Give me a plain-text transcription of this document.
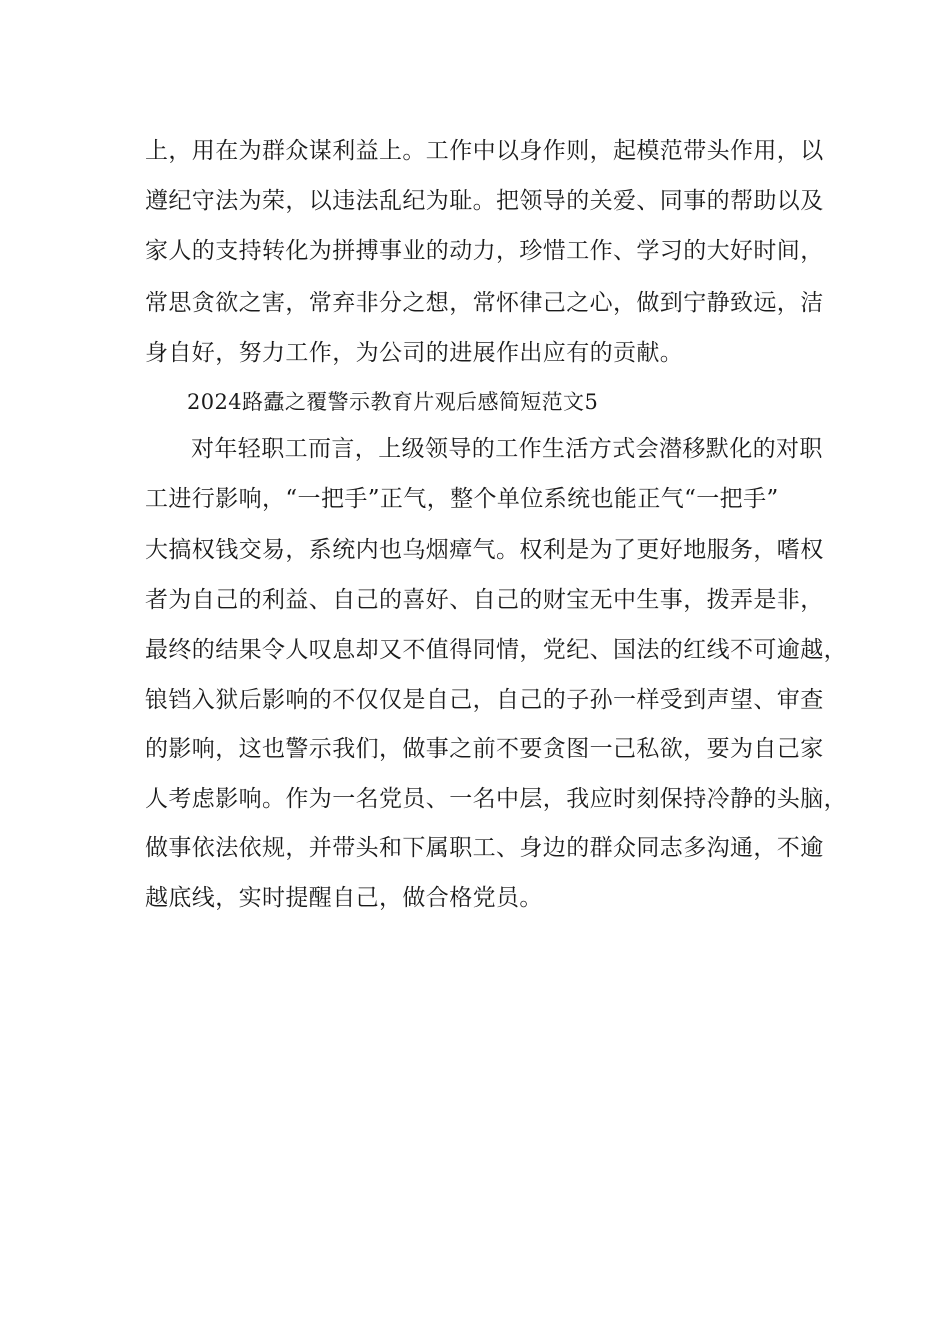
上，用在为群众谋利益上。工作中以身作则，起模范带头作用，以
遵纪守法为荣，以违法乱纪为耻。把领导的关爱、同事的帮助以及
家人的支持转化为拼搏事业的动力，珍惜工作、学习的大好时间，
常思贪欲之害，常弃非分之想，常怀律己之心，做到宁静致远，洁
身自好，努力工作，为公司的进展作出应有的贡献。
2024路蠹之覆警示教育片观后感简短范文5
对年轻职工而言，上级领导的工作生活方式会潜移默化的对职
工进行影响，“一把手”正气，整个单位系统也能正气“一把手”
大搞权钱交易，系统内也乌烟瘴气。权利是为了更好地服务，嗜权
者为自己的利益、自己的喜好、自己的财宝无中生事，拨弄是非，
最终的结果令人叹息却又不值得同情，党纪、国法的红线不可逾越，
锒铛入狱后影响的不仅仅是自己，自己的子孙一样受到声望、审查
的影响，这也警示我们，做事之前不要贪图一己私欲，要为自己家
人考虑影响。作为一名党员、一名中层，我应时刻保持冷静的头脑，
做事依法依规，并带头和下属职工、身边的群众同志多沟通，不逾
越底线，实时提醒自己，做合格党员。
